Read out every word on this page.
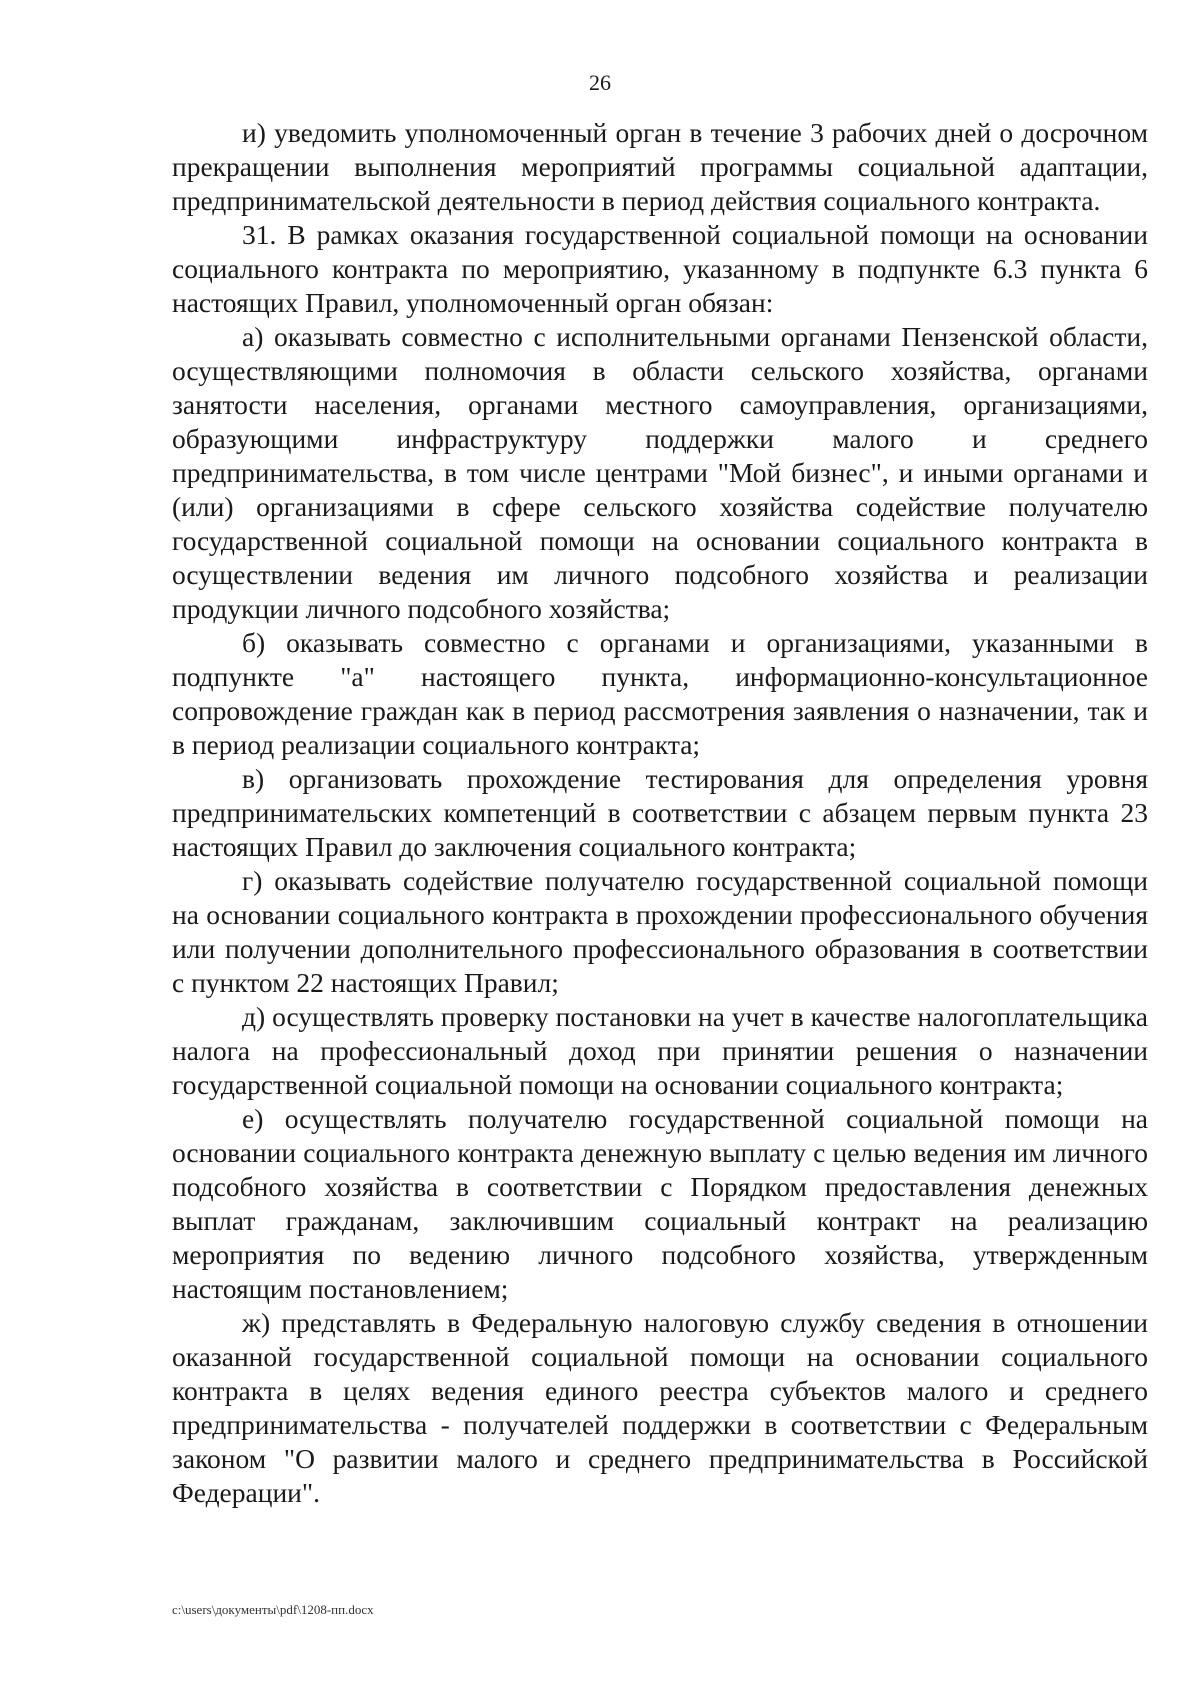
26

и) уведомить уполномоченный орган в течение 3 рабочих дней о досрочном прекращении выполнения мероприятий программы социальной адаптации, предпринимательской деятельности в период действия социального контракта.

31. В рамках оказания государственной социальной помощи на основании социального контракта по мероприятию, указанному в подпункте 6.3 пункта 6 настоящих Правил, уполномоченный орган обязан:

а) оказывать совместно с исполнительными органами Пензенской области, осуществляющими полномочия в области сельского хозяйства, органами занятости населения, органами местного самоуправления, организациями, образующими инфраструктуру поддержки малого и среднего предпринимательства, в том числе центрами "Мой бизнес", и иными органами и (или) организациями в сфере сельского хозяйства содействие получателю государственной социальной помощи на основании социального контракта в осуществлении ведения им личного подсобного хозяйства и реализации продукции личного подсобного хозяйства;

б) оказывать совместно с органами и организациями, указанными в подпункте "а" настоящего пункта, информационно-консультационное сопровождение граждан как в период рассмотрения заявления о назначении, так и в период реализации социального контракта;

в) организовать прохождение тестирования для определения уровня предпринимательских компетенций в соответствии с абзацем первым пункта 23 настоящих Правил до заключения социального контракта;

г) оказывать содействие получателю государственной социальной помощи на основании социального контракта в прохождении профессионального обучения или получении дополнительного профессионального образования в соответствии с пунктом 22 настоящих Правил;

д) осуществлять проверку постановки на учет в качестве налогоплательщика налога на профессиональный доход при принятии решения о назначении государственной социальной помощи на основании социального контракта;

е) осуществлять получателю государственной социальной помощи на основании социального контракта денежную выплату с целью ведения им личного подсобного хозяйства в соответствии с Порядком предоставления денежных выплат гражданам, заключившим социальный контракт на реализацию мероприятия по ведению личного подсобного хозяйства, утвержденным настоящим постановлением;

ж) представлять в Федеральную налоговую службу сведения в отношении оказанной государственной социальной помощи на основании социального контракта в целях ведения единого реестра субъектов малого и среднего предпринимательства - получателей поддержки в соответствии с Федеральным законом "О развитии малого и среднего предпринимательства в Российской Федерации".

c:\users\документы\pdf\1208-пп.docx
